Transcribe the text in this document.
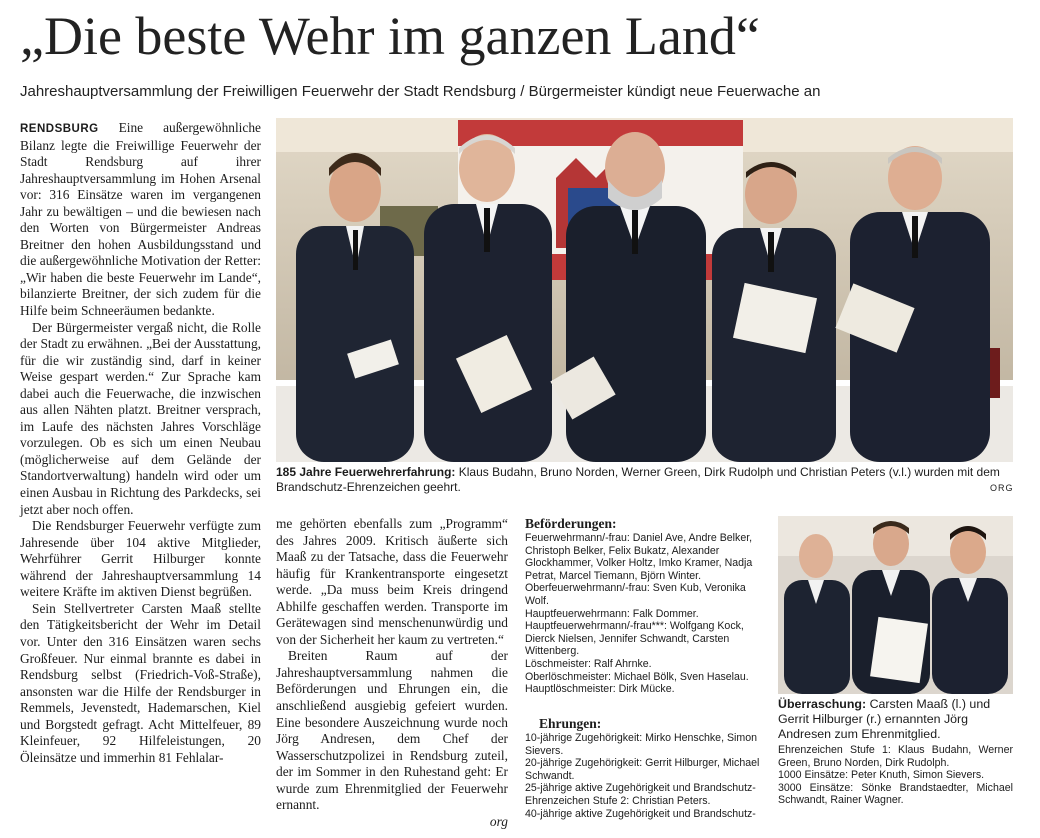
„Die beste Wehr im ganzen Land“
Jahreshauptversammlung der Freiwilligen Feuerwehr der Stadt Rendsburg / Bürgermeister kündigt neue Feuerwache an

RENDSBURG Eine außergewöhnliche Bilanz legte die Freiwillige Feuerwehr der Stadt Rendsburg auf ihrer Jahreshauptversammlung im Hohen Arsenal vor: 316 Einsätze waren im vergangenen Jahr zu bewältigen – und die bewiesen nach den Worten von Bürgermeister Andreas Breitner den hohen Ausbildungsstand und die außergewöhnliche Motivation der Retter: „Wir haben die beste Feuerwehr im Lande“, bilanzierte Breitner, der sich zudem für die Hilfe beim Schneeräumen bedankte.

Der Bürgermeister vergaß nicht, die Rolle der Stadt zu erwähnen. „Bei der Ausstattung, für die wir zuständig sind, darf in keiner Weise gespart werden.“ Zur Sprache kam dabei auch die Feuerwache, die inzwischen aus allen Nähten platzt. Breitner versprach, im Laufe des nächsten Jahres Vorschläge vorzulegen. Ob es sich um einen Neubau (möglicherweise auf dem Gelände der Standortverwaltung) handeln wird oder um einen Ausbau in Richtung des Parkdecks, sei jetzt aber noch offen.

Die Rendsburger Feuerwehr verfügte zum Jahresende über 104 aktive Mitglieder, Wehrführer Gerrit Hilburger konnte während der Jahreshauptversammlung 14 weitere Kräfte im aktiven Dienst begrüßen.

Sein Stellvertreter Carsten Maaß stellte den Tätigkeitsbericht der Wehr im Detail vor. Unter den 316 Einsätzen waren sechs Großfeuer. Nur einmal brannte es dabei in Rendsburg selbst (Friedrich-Voß-Straße), ansonsten war die Hilfe der Rendsburger in Remmels, Jevenstedt, Hademarschen, Kiel und Borgstedt gefragt. Acht Mittelfeuer, 89 Kleinfeuer, 92 Hilfeleistungen, 20 Öleinsätze und immerhin 81 Fehlalar-

185 Jahre Feuerwehrerfahrung: Klaus Budahn, Bruno Norden, Werner Green, Dirk Rudolph und Christian Peters (v.l.) wurden mit dem Brandschutz-Ehrenzeichen geehrt.	ORG

me gehörten ebenfalls zum „Programm“ des Jahres 2009. Kritisch äußerte sich Maaß zu der Tatsache, dass die Feuerwehr häufig für Krankentransporte eingesetzt werde. „Da muss beim Kreis dringend Abhilfe geschaffen werden. Transporte im Gerätewagen sind menschenunwürdig und von der Sicherheit her kaum zu vertreten.“

Breiten Raum auf der Jahreshauptversammlung nahmen die Beförderungen und Ehrungen ein, die anschließend ausgiebig gefeiert wurden. Eine besondere Auszeichnung wurde noch Jörg Andresen, dem Chef der Wasserschutzpolizei in Rendsburg zuteil, der im Sommer in den Ruhestand geht: Er wurde zum Ehrenmitglied der Feuerwehr ernannt.

org
Beförderungen:
Feuerwehrmann/-frau: Daniel Ave, Andre Belker, Christoph Belker, Felix Bukatz, Alexander Glockhammer, Volker Holtz, Imko Kramer, Nadja Petrat, Marcel Tiemann, Björn Winter.
Oberfeuerwehrmann/-frau: Sven Kub, Veronika Wolf.
Hauptfeuerwehrmann: Falk Dommer.
Hauptfeuerwehrmann/-frau***: Wolfgang Kock, Dierck Nielsen, Jennifer Schwandt, Carsten Wittenberg.
Löschmeister: Ralf Ahrnke.
Oberlöschmeister: Michael Bölk, Sven Haselau.
Hauptlöschmeister: Dirk Mücke.
Ehrungen:
10-jährige Zugehörigkeit: Mirko Henschke, Simon Sievers.
20-jährige Zugehörigkeit: Gerrit Hilburger, Michael Schwandt.
25-jährige aktive Zugehörigkeit und Brandschutz-Ehrenzeichen Stufe 2: Christian Peters.
40-jährige aktive Zugehörigkeit und Brandschutz-
Überraschung: Carsten Maaß (l.) und Gerrit Hilburger (r.) ernannten Jörg Andresen zum Ehrenmitglied.
Ehrenzeichen Stufe 1: Klaus Budahn, Werner Green, Bruno Norden, Dirk Rudolph.
1000 Einsätze: Peter Knuth, Simon Sievers.
3000 Einsätze: Sönke Brandstaedter, Michael Schwandt, Rainer Wagner.
